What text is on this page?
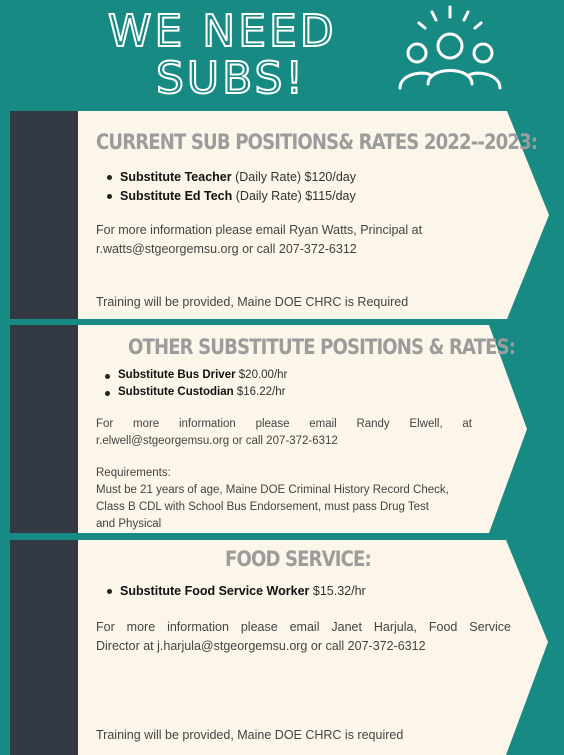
WE NEED
SUBS!
CURRENT SUB POSITIONS& RATES 2022--2023:
Substitute Teacher (Daily Rate) $120/day
Substitute Ed Tech (Daily Rate) $115/day
For more information please email Ryan Watts, Principal at
r.watts@stgeorgemsu.org or call 207-372-6312
Training will be provided, Maine DOE CHRC is Required
OTHER SUBSTITUTE POSITIONS & RATES:
Substitute Bus Driver $20.00/hr
Substitute Custodian $16.22/hr
For more information please email Randy Elwell, at
r.elwell@stgeorgemsu.org or call 207-372-6312
Requirements:
Must be 21 years of age, Maine DOE Criminal History Record Check,
Class B CDL with School Bus Endorsement, must pass Drug Test
and Physical
FOOD SERVICE:
Substitute Food Service Worker $15.32/hr
For more information please email Janet Harjula, Food Service
Director at j.harjula@stgeorgemsu.org or call 207-372-6312
Training will be provided, Maine DOE CHRC is required
